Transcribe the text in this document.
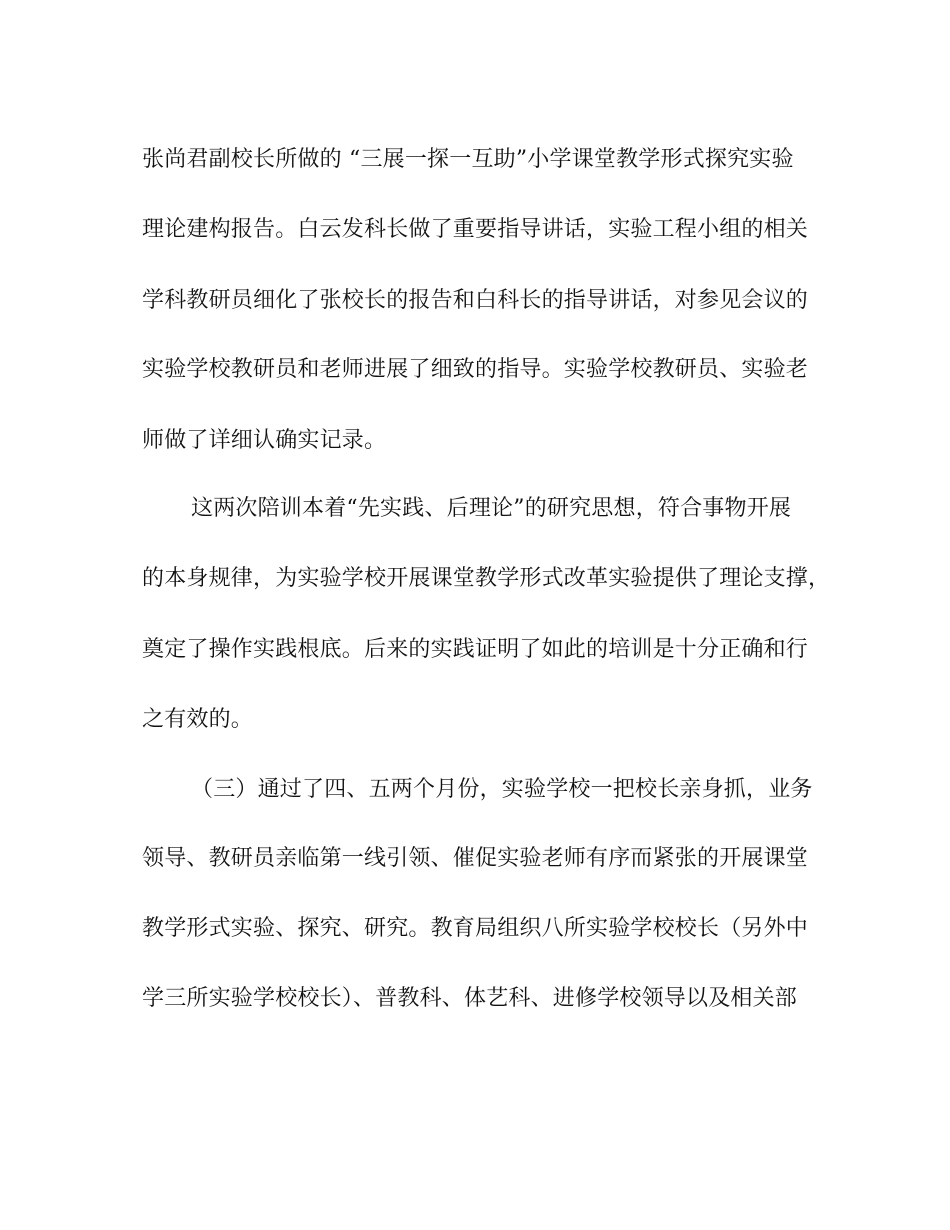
张尚君副校长所做的 “三展一探一互助”小学课堂教学形式探究实验
理论建构报告。白云发科长做了重要指导讲话，实验工程小组的相关
学科教研员细化了张校长的报告和白科长的指导讲话，对参见会议的
实验学校教研员和老师进展了细致的指导。实验学校教研员、实验老
师做了详细认确实记录。
这两次陪训本着“先实践、后理论”的研究思想，符合事物开展
的本身规律，为实验学校开展课堂教学形式改革实验提供了理论支撑，
奠定了操作实践根底。后来的实践证明了如此的培训是十分正确和行
之有效的。
（三）通过了四、五两个月份，实验学校一把校长亲身抓，业务
领导、教研员亲临第一线引领、催促实验老师有序而紧张的开展课堂
教学形式实验、探究、研究。教育局组织八所实验学校校长（另外中
学三所实验学校校长）、普教科、体艺科、进修学校领导以及相关部
